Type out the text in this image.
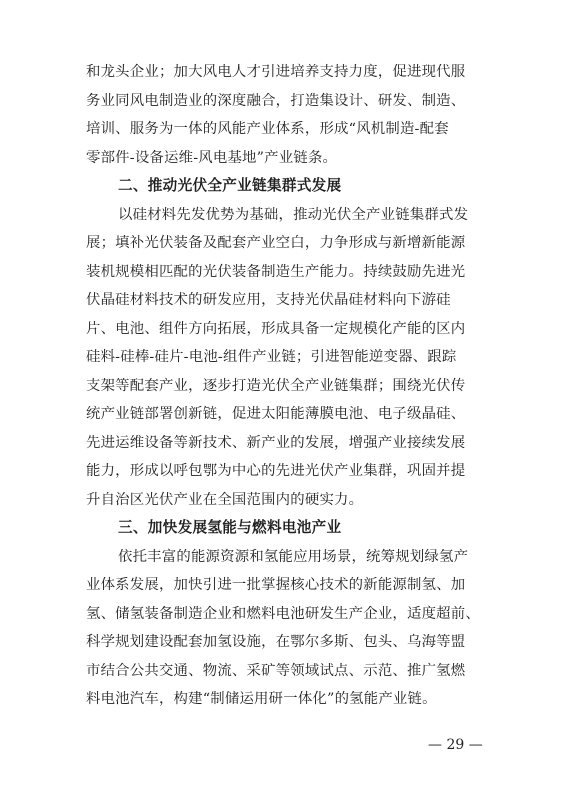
和龙头企业；加大风电人才引进培养支持力度，促进现代服
务业同风电制造业的深度融合，打造集设计、研发、制造、
培训、服务为一体的风能产业体系，形成“风机制造-配套
零部件-设备运维-风电基地”产业链条。
二、推动光伏全产业链集群式发展
以硅材料先发优势为基础，推动光伏全产业链集群式发
展；填补光伏装备及配套产业空白，力争形成与新增新能源
装机规模相匹配的光伏装备制造生产能力。持续鼓励先进光
伏晶硅材料技术的研发应用，支持光伏晶硅材料向下游硅
片、电池、组件方向拓展，形成具备一定规模化产能的区内
硅料-硅棒-硅片-电池-组件产业链；引进智能逆变器、跟踪
支架等配套产业，逐步打造光伏全产业链集群；围绕光伏传
统产业链部署创新链，促进太阳能薄膜电池、电子级晶硅、
先进运维设备等新技术、新产业的发展，增强产业接续发展
能力，形成以呼包鄂为中心的先进光伏产业集群，巩固并提
升自治区光伏产业在全国范围内的硬实力。
三、加快发展氢能与燃料电池产业
依托丰富的能源资源和氢能应用场景，统筹规划绿氢产
业体系发展，加快引进一批掌握核心技术的新能源制氢、加
氢、储氢装备制造企业和燃料电池研发生产企业，适度超前、
科学规划建设配套加氢设施，在鄂尔多斯、包头、乌海等盟
市结合公共交通、物流、采矿等领域试点、示范、推广氢燃
料电池汽车，构建“制储运用研一体化”的氢能产业链。
— 29 —
